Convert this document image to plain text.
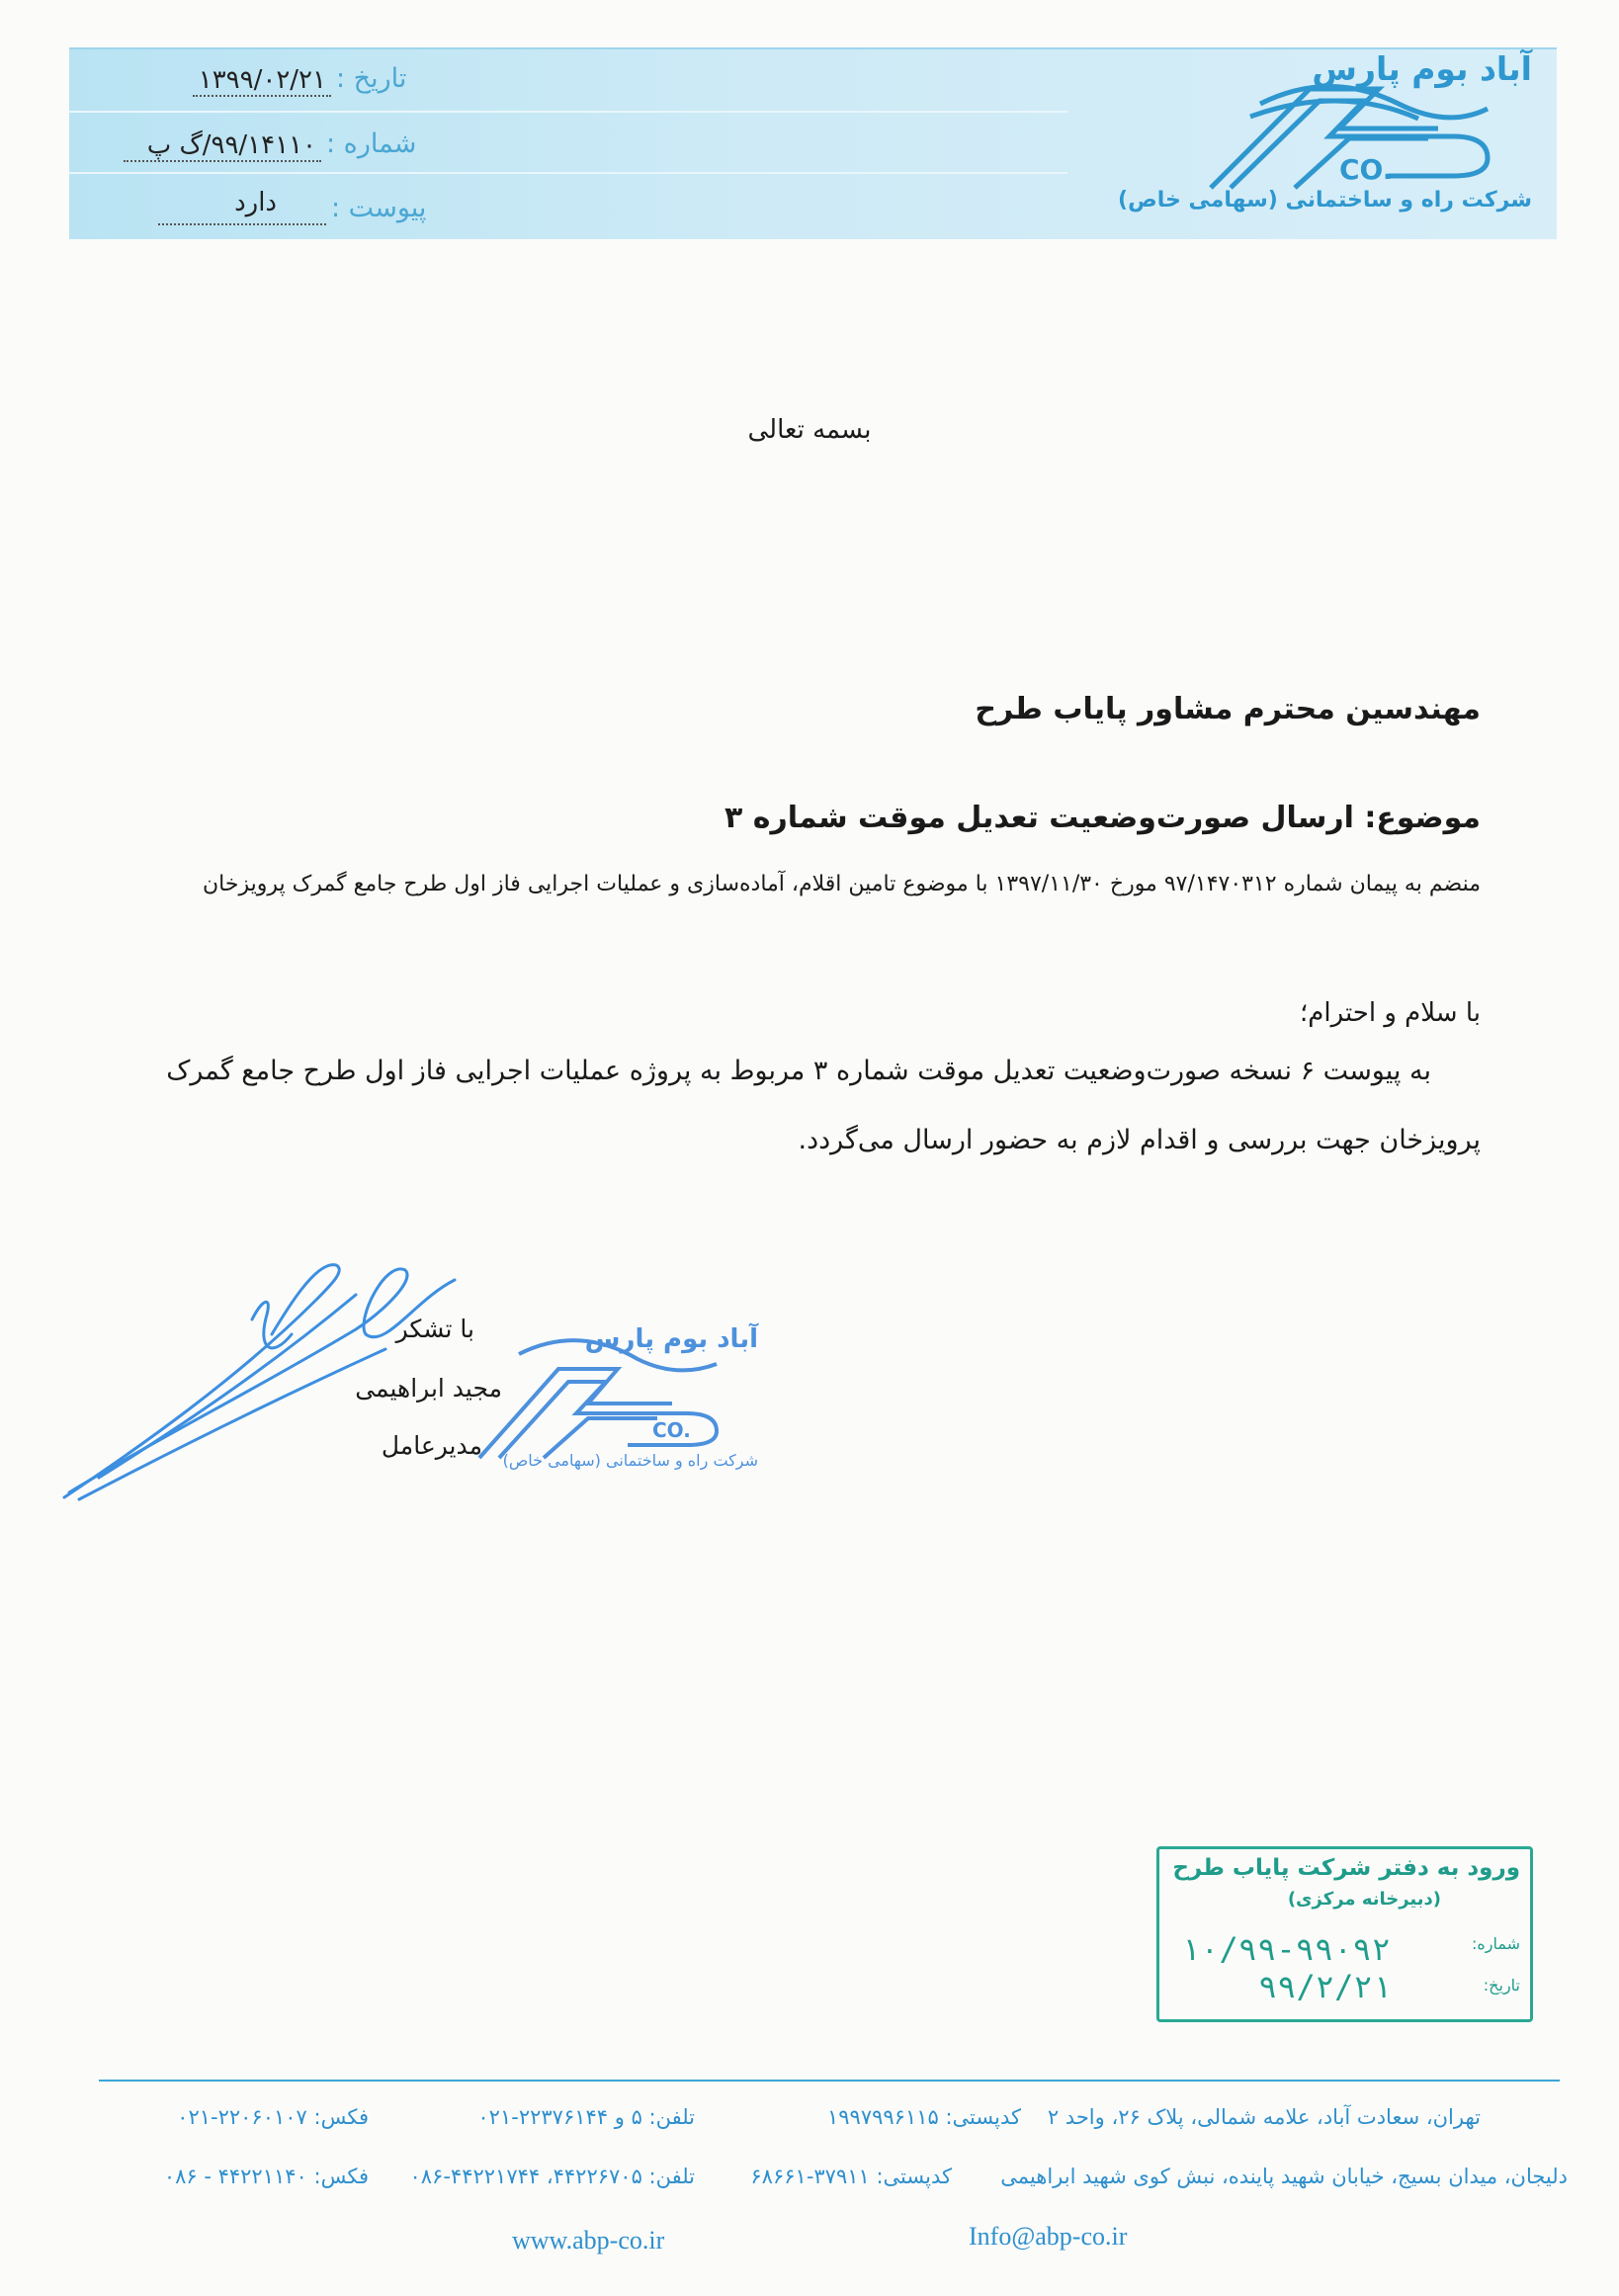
تاریخ :
۱۳۹۹/۰۲/۲۱
شماره :
۹۹/۱۴۱۱۰/گ پ
پیوست :
دارد
آباد بوم پارس
CO.
شرکت راه و ساختمانی (سهامی خاص)
بسمه تعالی
مهندسین محترم مشاور پایاب طرح
موضوع: ارسال صورت‌وضعیت تعدیل موقت شماره ۳
منضم به پیمان شماره ۹۷/۱۴۷۰۳۱۲ مورخ ۱۳۹۷/۱۱/۳۰ با موضوع تامین اقلام، آماده‌سازی و عملیات اجرایی فاز اول طرح جامع گمرک پرویزخان
با سلام و احترام؛
به پیوست ۶ نسخه صورت‌وضعیت تعدیل موقت شماره ۳ مربوط به پروژه عملیات اجرایی فاز اول طرح جامع گمرک
پرویزخان جهت بررسی و اقدام لازم به حضور ارسال می‌گردد.
آباد بوم پارس
CO.
شرکت راه و ساختمانی (سهامی خاص)
با تشکر
مجید ابراهیمی
مدیرعامل
ورود به دفتر شرکت پایاب طرح
(دبیرخانه مرکزی)
شماره:
۱۰/۹۹-۹۹۰۹۲
تاریخ:
۹۹/۲/۲۱
تهران، سعادت آباد، علامه شمالی، پلاک ۲۶، واحد ۲
کدپستی: ۱۹۹۷۹۹۶۱۱۵
تلفن: ۵ و ۲۲۳۷۶۱۴۴-۰۲۱
فکس: ۲۲۰۶۰۱۰۷-۰۲۱
دلیجان، میدان بسیج، خیابان شهید پاینده، نبش کوی شهید ابراهیمی
کدپستی: ۳۷۹۱۱-۶۸۶۶۱
تلفن: ۴۴۲۲۶۷۰۵، ۴۴۲۲۱۷۴۴-۰۸۶
فکس: ۴۴۲۲۱۱۴۰ - ۰۸۶
www.abp-co.ir	Info@abp-co.ir
